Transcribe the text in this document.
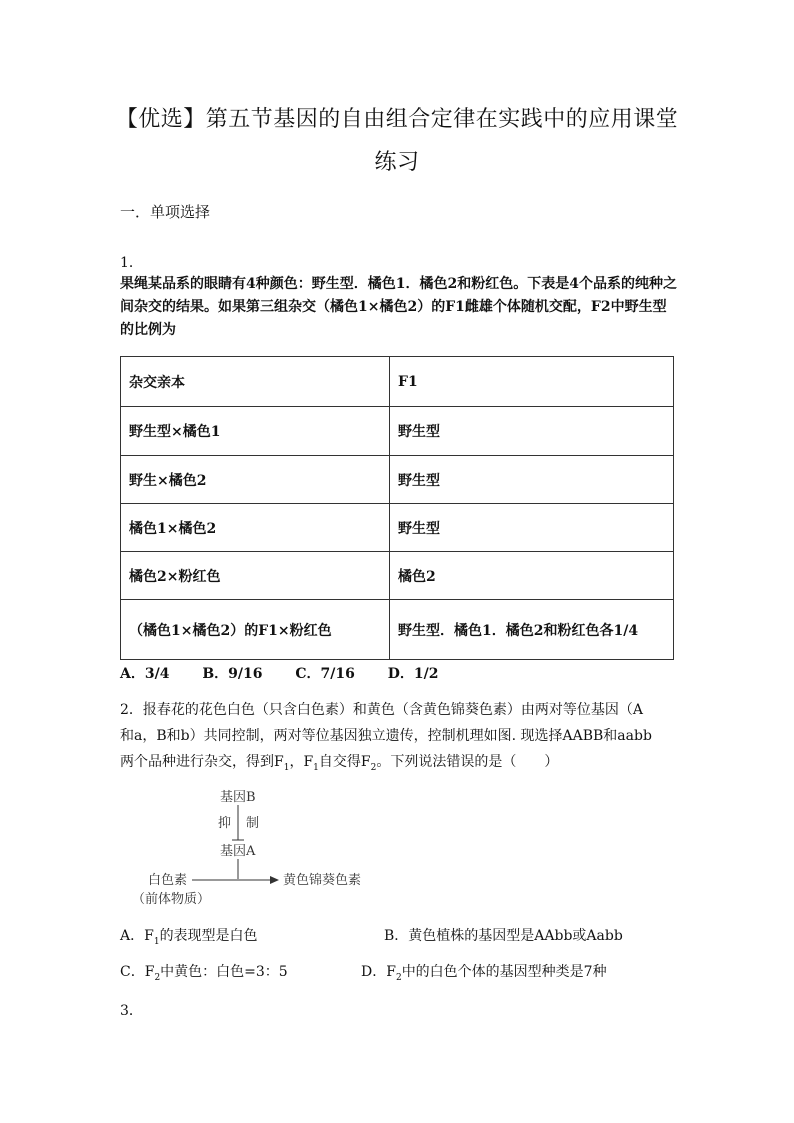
【优选】第五节基因的自由组合定律在实践中的应用课堂
练习
一．单项选择
1．
果绳某品系的眼睛有4种颜色：野生型．橘色1．橘色2和粉红色。下表是4个品系的纯种之间杂交的结果。如果第三组杂交（橘色1×橘色2）的F1雌雄个体随机交配，F2中野生型的比例为
杂交亲本	F1
野生型×橘色1	野生型
野生×橘色2	野生型
橘色1×橘色2	野生型
橘色2×粉红色	橘色2
（橘色1×橘色2）的F1×粉红色	野生型．橘色1．橘色2和粉红色各1/4
A．3/4 B．9/16 C．7/16 D．1/2
2．报春花的花色白色（只含白色素）和黄色（含黄色锦葵色素）由两对等位基因（A
和a，B和b）共同控制，两对等位基因独立遗传，控制机理如图. 现选择AABB和aabb
两个品种进行杂交，得到$F_1$，$F_1$自交得$F_2$。下列说法错误的是（　　）
基因B
抑 制
基因A
白色素	黄色锦葵色素
（前体物质）
A．$F_1$的表现型是白色	B．黄色植株的基因型是AAbb或Aabb
C．$F_2$中黄色：白色=3：5	D．$F_2$中的白色个体的基因型种类是7种
3．
